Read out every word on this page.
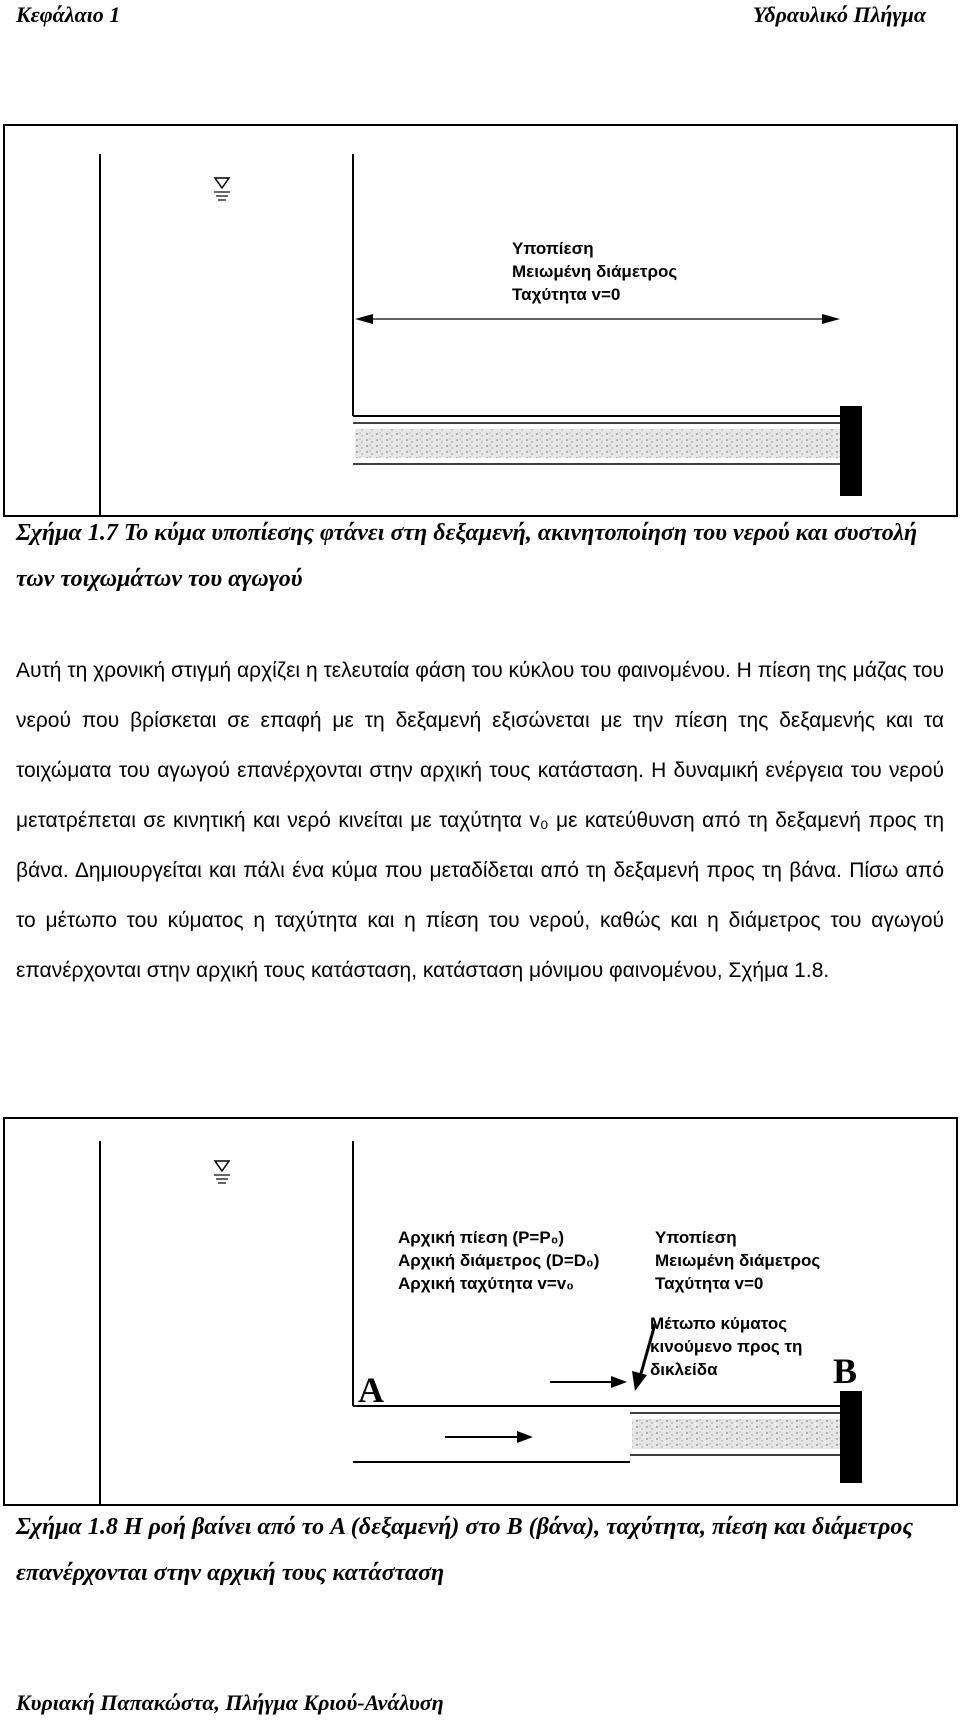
Κεφάλαιο 1	Υδραυλικό Πλήγμα
Υποπίεση
Μειωμένη διάμετρος
Ταχύτητα v=0
Σχήμα 1.7 Το κύμα υποπίεσης φτάνει στη δεξαμενή, ακινητοποίηση του νερού και συστολή των τοιχωμάτων του αγωγού

Αυτή τη χρονική στιγμή αρχίζει η τελευταία φάση του κύκλου του φαινομένου. Η πίεση της μάζας του νερού που βρίσκεται σε επαφή με τη δεξαμενή εξισώνεται με την πίεση της δεξαμενής και τα τοιχώματα του αγωγού επανέρχονται στην αρχική τους κατάσταση. Η δυναμική ενέργεια του νερού μετατρέπεται σε κινητική και νερό κινείται με ταχύτητα v₀ με κατεύθυνση από τη δεξαμενή προς τη βάνα. Δημιουργείται και πάλι ένα κύμα που μεταδίδεται από τη δεξαμενή προς τη βάνα. Πίσω από το μέτωπο του κύματος η ταχύτητα και η πίεση του νερού, καθώς και η διάμετρος του αγωγού επανέρχονται στην αρχική τους κατάσταση, κατάσταση μόνιμου φαινομένου, Σχήμα 1.8.

Αρχική πίεση (P=P₀)
Αρχική διάμετρος (D=D₀)
Αρχική ταχύτητα v=v₀
Υποπίεση
Μειωμένη διάμετρος
Ταχύτητα v=0
Μέτωπο κύματος
κινούμενο προς τη
δικλείδα
A	B
Σχήμα 1.8 Η ροή βαίνει από το A (δεξαμενή) στο B (βάνα), ταχύτητα, πίεση και διάμετρος επανέρχονται στην αρχική τους κατάσταση
Κυριακή Παπακώστα, Πλήγμα Κριού-Ανάλυση
